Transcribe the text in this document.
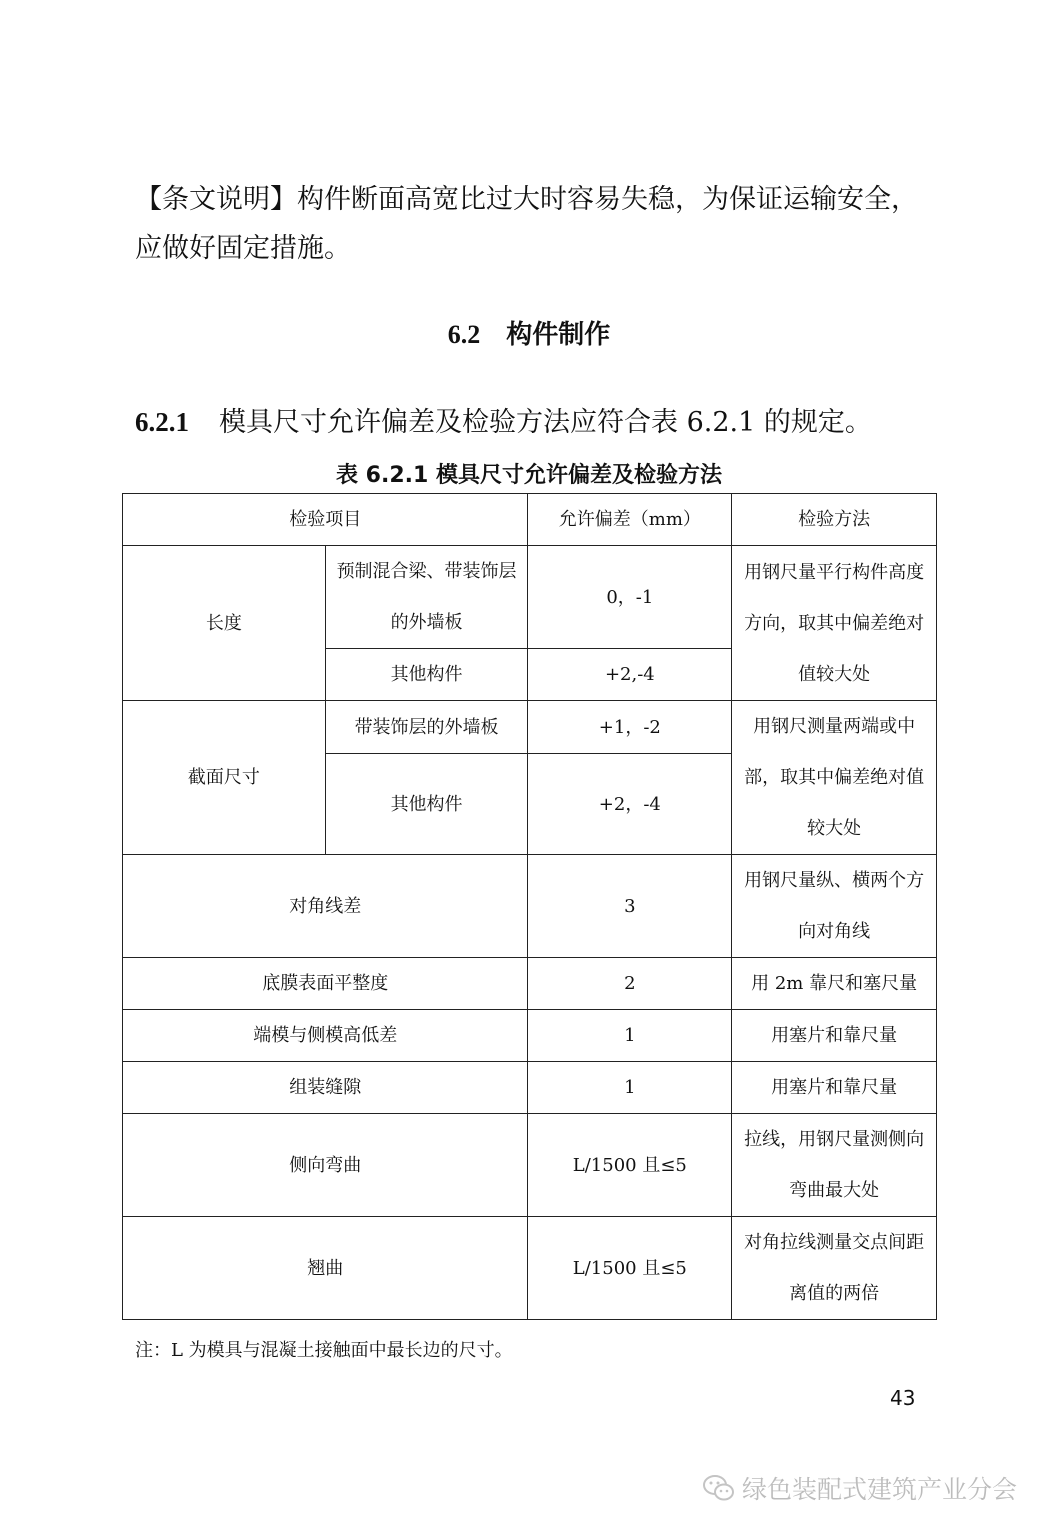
【条文说明】构件断面高宽比过大时容易失稳，为保证运输安全，应做好固定措施。
6.2 构件制作
6.2.1 模具尺寸允许偏差及检验方法应符合表 6.2.1 的规定。
表 6.2.1 模具尺寸允许偏差及检验方法
检验项目		允许偏差（mm）	检验方法
长度	预制混合梁、带装饰层的外墙板	0，-1	用钢尺量平行构件高度方向，取其中偏差绝对值较大处
	其他构件	+2,-4	
截面尺寸	带装饰层的外墙板	+1，-2	用钢尺测量两端或中部，取其中偏差绝对值较大处
	其他构件	+2，-4	
对角线差		3	用钢尺量纵、横两个方向对角线
底膜表面平整度		2	用 2m 靠尺和塞尺量
端模与侧模高低差		1	用塞片和靠尺量
组装缝隙		1	用塞片和靠尺量
侧向弯曲		L/1500 且≤5	拉线，用钢尺量测侧向弯曲最大处
翘曲		L/1500 且≤5	对角拉线测量交点间距离值的两倍
注：L 为模具与混凝土接触面中最长边的尺寸。
43
绿色装配式建筑产业分会
